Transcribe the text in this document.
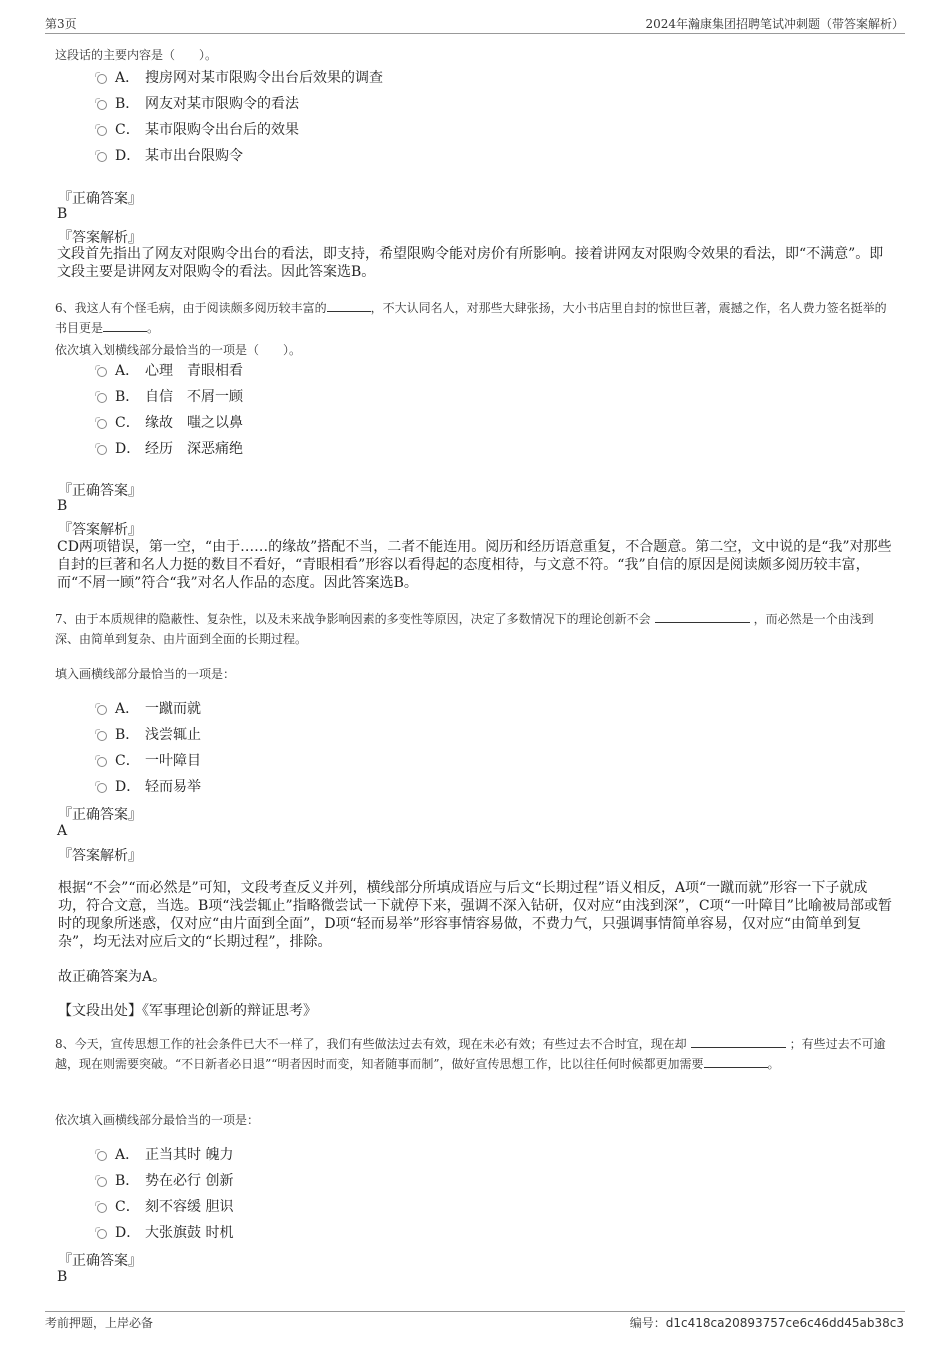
第3页	2024年瀚康集团招聘笔试冲刺题（带答案解析）
这段话的主要内容是（　　）。
A． 搜房网对某市限购令出台后效果的调查
B． 网友对某市限购令的看法
C． 某市限购令出台后的效果
D． 某市出台限购令
『正确答案』
B
『答案解析』
文段首先指出了网友对限购令出台的看法，即支持，希望限购令能对房价有所影响。接着讲网友对限购令效果的看法，即“不满意”。即文段主要是讲网友对限购令的看法。因此答案选B。
6、我这人有个怪毛病，由于阅读颇多阅历较丰富的	，不大认同名人，对那些大肆张扬，大小书店里自封的惊世巨著，震撼之作，名人费力签名挺举的书目更是	。
依次填入划横线部分最恰当的一项是（　　）。
A． 心理　青眼相看
B． 自信　不屑一顾
C． 缘故　嗤之以鼻
D． 经历　深恶痛绝
『正确答案』
B
『答案解析』
CD两项错误，第一空，“由于……的缘故”搭配不当，二者不能连用。阅历和经历语意重复，不合题意。第二空，文中说的是“我”对那些自封的巨著和名人力挺的数目不看好，“青眼相看”形容以看得起的态度相待，与文意不符。“我”自信的原因是阅读颇多阅历较丰富，而“不屑一顾”符合“我”对名人作品的态度。因此答案选B。
7、由于本质规律的隐蔽性、复杂性，以及未来战争影响因素的多变性等原因，决定了多数情况下的理论创新不会	，而必然是一个由浅到深、由简单到复杂、由片面到全面的长期过程。
填入画横线部分最恰当的一项是：
A． 一蹴而就
B． 浅尝辄止
C． 一叶障目
D． 轻而易举
『正确答案』
A
『答案解析』
根据“不会”“而必然是”可知，文段考查反义并列，横线部分所填成语应与后文“长期过程”语义相反，A项“一蹴而就”形容一下子就成功，符合文意，当选。B项“浅尝辄止”指略微尝试一下就停下来，强调不深入钻研，仅对应“由浅到深”，C项“一叶障目”比喻被局部或暂时的现象所迷惑，仅对应“由片面到全面”，D项“轻而易举”形容事情容易做，不费力气，只强调事情简单容易，仅对应“由简单到复杂”，均无法对应后文的“长期过程”，排除。
故正确答案为A。
【文段出处】《军事理论创新的辩证思考》
8、今天，宣传思想工作的社会条件已大不一样了，我们有些做法过去有效，现在未必有效；有些过去不合时宜，现在却	；有些过去不可逾越，现在则需要突破。“不日新者必日退”“明者因时而变，知者随事而制”，做好宣传思想工作，比以往任何时候都更加需要	。
依次填入画横线部分最恰当的一项是：
A． 正当其时 魄力
B． 势在必行 创新
C． 刻不容缓 胆识
D． 大张旗鼓 时机
『正确答案』
B
考前押题，上岸必备	编号：d1c418ca20893757ce6c46dd45ab38c3
